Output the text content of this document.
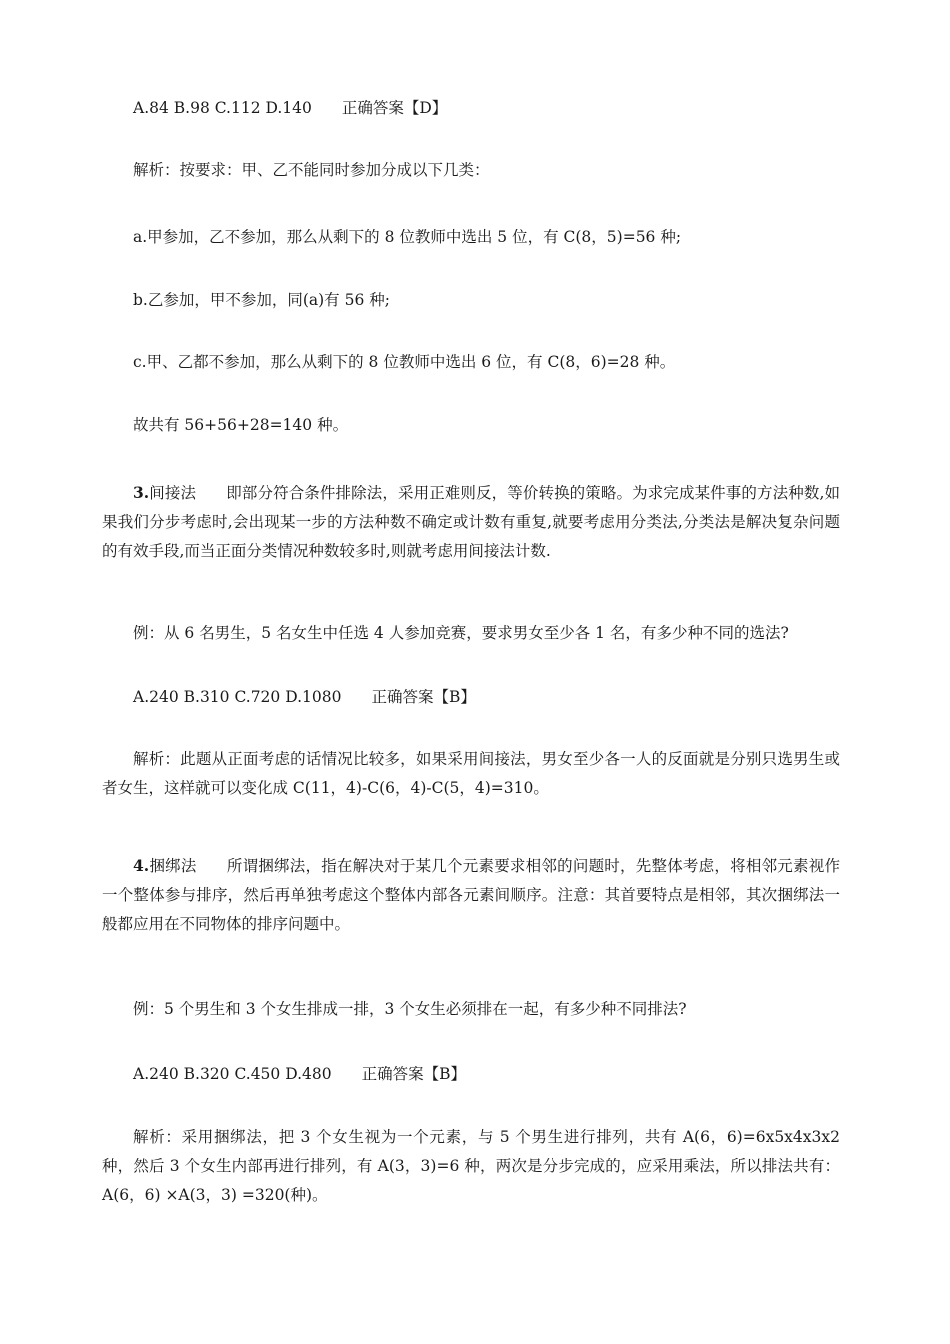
A.84 B.98 C.112 D.140 正确答案【D】
解析：按要求：甲、乙不能同时参加分成以下几类：
a.甲参加，乙不参加，那么从剩下的 8 位教师中选出 5 位，有 C(8，5)=56 种;
b.乙参加，甲不参加，同(a)有 56 种;
c.甲、乙都不参加，那么从剩下的 8 位教师中选出 6 位，有 C(8，6)=28 种。
故共有 56+56+28=140 种。
3.间接法 即部分符合条件排除法，采用正难则反，等价转换的策略。为求完成某件事的方法种数,如果我们分步考虑时,会出现某一步的方法种数不确定或计数有重复,就要考虑用分类法,分类法是解决复杂问题的有效手段,而当正面分类情况种数较多时,则就考虑用间接法计数.
例：从 6 名男生，5 名女生中任选 4 人参加竞赛，要求男女至少各 1 名，有多少种不同的选法?
A.240 B.310 C.720 D.1080 正确答案【B】
解析：此题从正面考虑的话情况比较多，如果采用间接法，男女至少各一人的反面就是分别只选男生或者女生，这样就可以变化成 C(11，4)-C(6，4)-C(5，4)=310。
4.捆绑法 所谓捆绑法，指在解决对于某几个元素要求相邻的问题时，先整体考虑，将相邻元素视作一个整体参与排序，然后再单独考虑这个整体内部各元素间顺序。注意：其首要特点是相邻，其次捆绑法一般都应用在不同物体的排序问题中。
例：5 个男生和 3 个女生排成一排，3 个女生必须排在一起，有多少种不同排法?
A.240 B.320 C.450 D.480 正确答案【B】
解析：采用捆绑法，把 3 个女生视为一个元素，与 5 个男生进行排列，共有 A(6，6)=6x5x4x3x2 种，然后 3 个女生内部再进行排列，有 A(3，3)=6 种，两次是分步完成的，应采用乘法，所以排法共有：A(6，6) ×A(3，3) =320(种)。
